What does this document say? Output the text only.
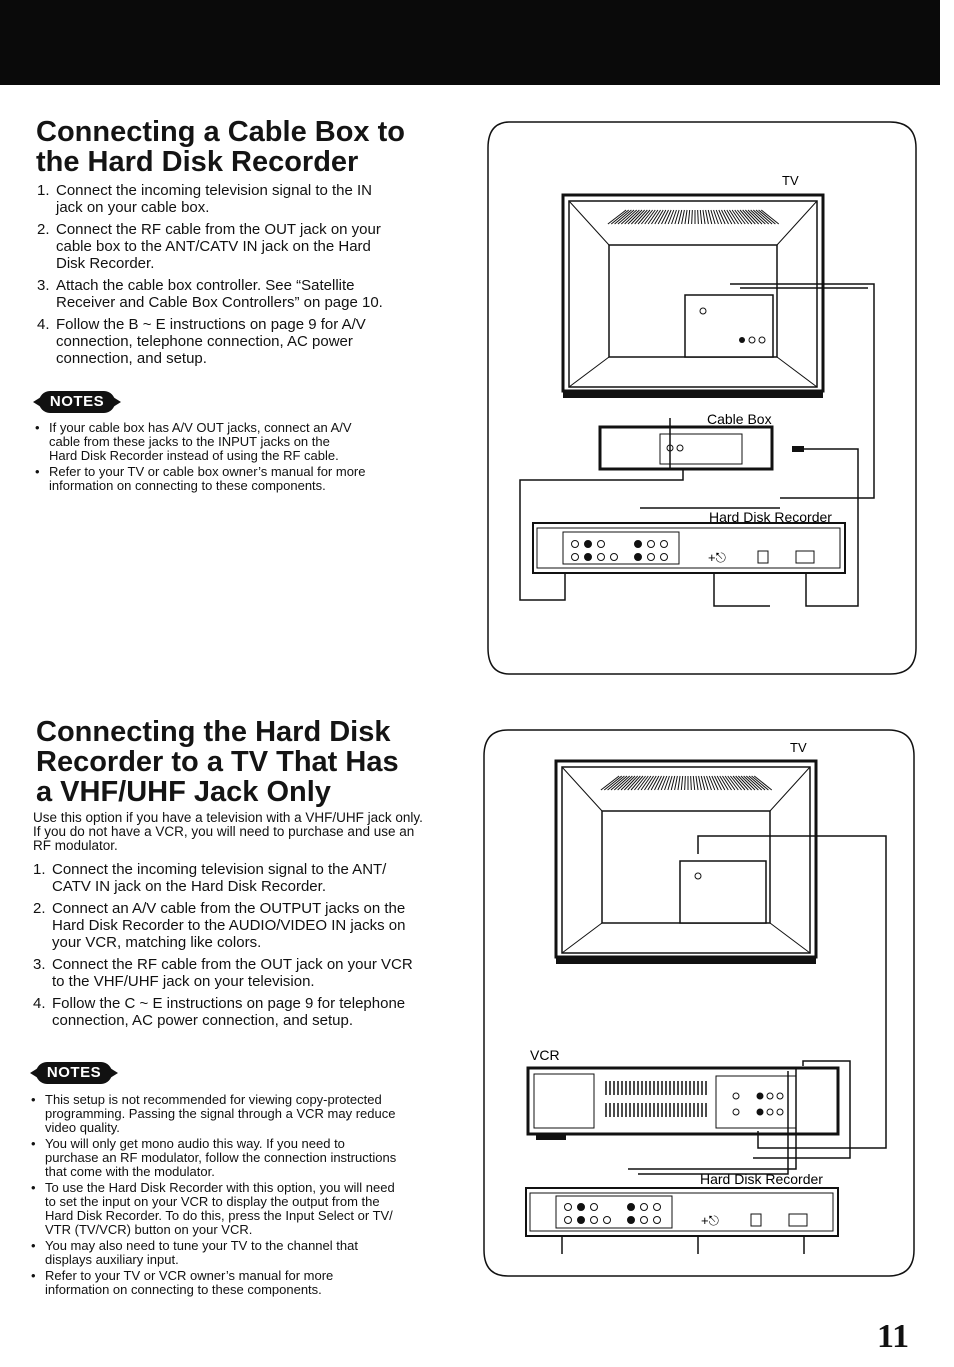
Connecting a Cable Box to
the Hard Disk Recorder
1. Connect the incoming television signal to the IN
jack on your cable box.
2. Connect the RF cable from the OUT jack on your
cable box to the ANT/CATV IN jack on the Hard
Disk Recorder.
3. Attach the cable box controller. See “Satellite
Receiver and Cable Box Controllers” on page 10.
4. Follow the B ~ E instructions on page 9 for A/V
connection, telephone connection, AC power
connection, and setup.
NOTES
• If your cable box has A/V OUT jacks, connect an A/V
cable from these jacks to the INPUT jacks on the
Hard Disk Recorder instead of using the RF cable.
• Refer to your TV or cable box owner’s manual for more
information on connecting to these components.
TV
Cable Box
+⎋
Hard Disk Recorder
Connecting the Hard Disk
Recorder to a TV That Has
a VHF/UHF Jack Only

Use this option if you have a television with a VHF/UHF jack only.
If you do not have a VCR, you will need to purchase and use an
RF modulator.

1. Connect the incoming television signal to the ANT/
CATV IN jack on the Hard Disk Recorder.
2. Connect an A/V cable from the OUTPUT jacks on the
Hard Disk Recorder to the AUDIO/VIDEO IN jacks on
your VCR, matching like colors.
3. Connect the RF cable from the OUT jack on your VCR
to the VHF/UHF jack on your television.
4. Follow the C ~ E instructions on page 9 for telephone
connection, AC power connection, and setup.
NOTES
• This setup is not recommended for viewing copy-protected
programming. Passing the signal through a VCR may reduce
video quality.
• You will only get mono audio this way. If you need to
purchase an RF modulator, follow the connection instructions
that come with the modulator.
• To use the Hard Disk Recorder with this option, you will need
to set the input on your VCR to display the output from the
Hard Disk Recorder. To do this, press the Input Select or TV/
VTR (TV/VCR) button on your VCR.
• You may also need to tune your TV to the channel that
displays auxiliary input.
• Refer to your TV or VCR owner’s manual for more
information on connecting to these components.
TV
VCR
+⎋
Hard Disk Recorder
11
